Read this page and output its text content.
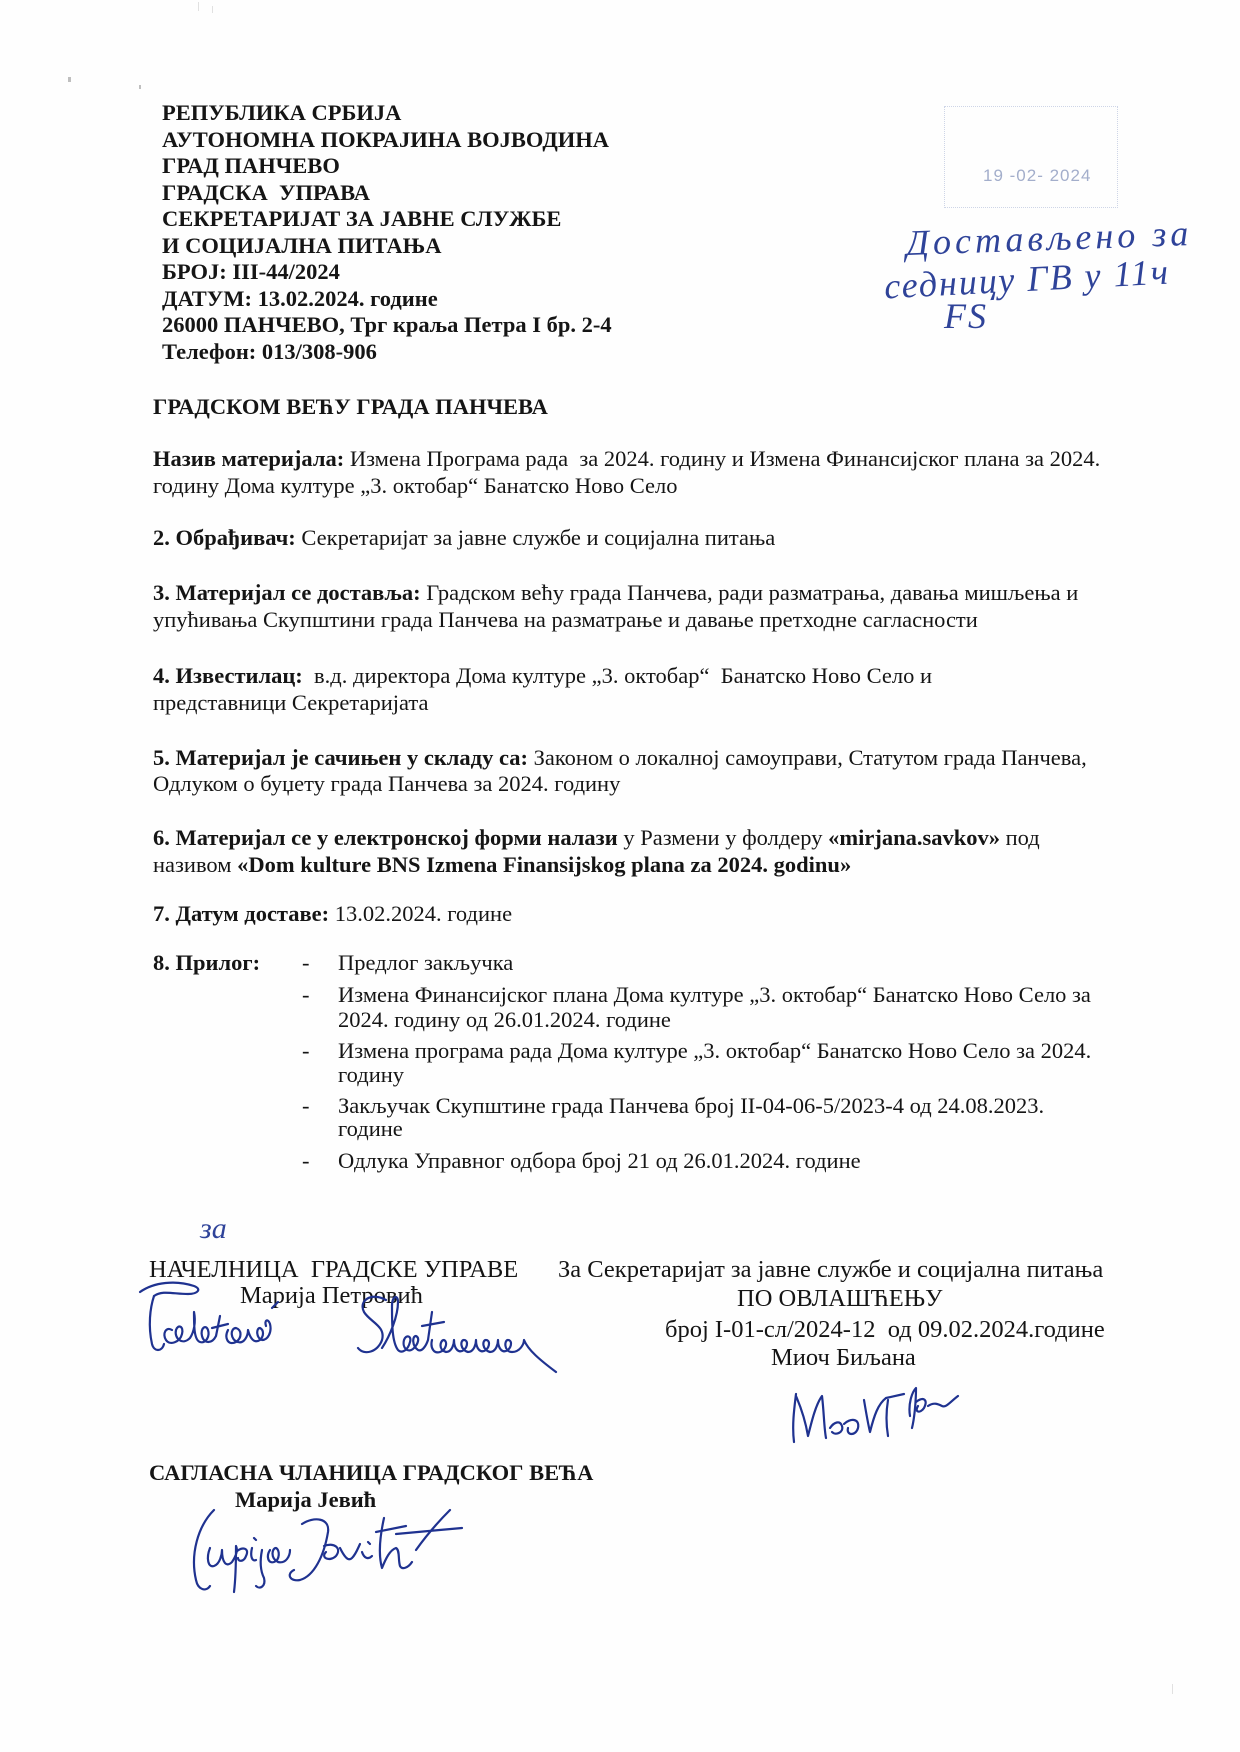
РЕПУБЛИКА СРБИЈА
АУТОНОМНА ПОКРАЈИНА ВОЈВОДИНА
ГРАД ПАНЧЕВО
ГРАДСКА  УПРАВА
СЕКРЕТАРИЈАТ ЗА ЈАВНЕ СЛУЖБЕ
И СОЦИЈАЛНА ПИТАЊА
БРОЈ: III-44/2024
ДАТУМ: 13.02.2024. године
26000 ПАНЧЕВО, Трг краља Петра I бр. 2-4
Телефон: 013/308-906
19 -02- 2024
Достављено за
седницу ГВ у 11ч
FS
ГРАДСКОМ ВЕЋУ ГРАДА ПАНЧЕВА
Назив материјала: Измена Програма рада  за 2024. годину и Измена Финансијског плана за 2024.
годину Дома културе „3. октобар“ Банатско Ново Село
2. Обрађивач: Секретаријат за јавне службе и социјална питања
3. Материјал се доставља: Градском већу града Панчева, ради разматрања, давања мишљења и
упућивања Скупштини града Панчева на разматрање и давање претходне сагласности
4. Известилац:  в.д. директора Дома културе „3. октобар“  Банатско Ново Село и
представници Секретаријата
5. Материјал је сачињен у складу са: Законом о локалној самоуправи, Статутом града Панчева,
Одлуком о буџету града Панчева за 2024. годину
6. Материјал се у електронској форми налази у Размени у фолдеру «mirjana.savkov» под
називом «Dom kulture BNS Izmena Finansijskog plana za 2024. godinu»
7. Датум доставе: 13.02.2024. године
8. Прилог: - Предлог закључка
- Измена Финансијског плана Дома културе „3. октобар“ Банатско Ново Село за
2024. годину од 26.01.2024. године
- Измена програма рада Дома културе „3. октобар“ Банатско Ново Село за 2024.
годину
- Закључак Скупштине града Панчева број II-04-06-5/2023-4 од 24.08.2023.
године
- Одлука Управног одбора број 21 од 26.01.2024. године
за
НАЧЕЛНИЦА  ГРАДСКЕ УПРАВЕ
Марија Петровић
За Секретаријат за јавне службе и социјална питања
ПО ОВЛАШЋЕЊУ
број I-01-сл/2024-12  од 09.02.2024.године
Миоч Биљана
САГЛАСНА ЧЛАНИЦА ГРАДСКОГ ВЕЋА
Марија Јевић
